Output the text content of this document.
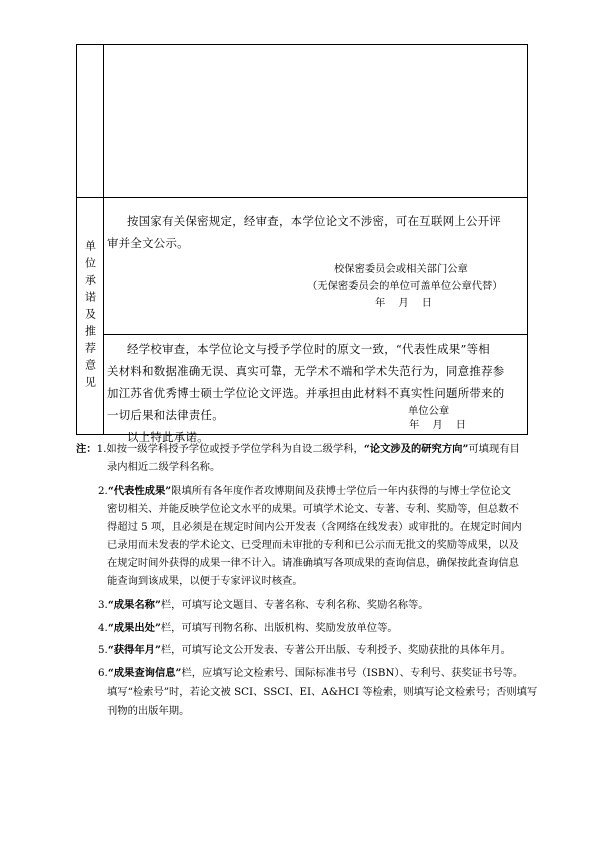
单位承诺及推荐意见
按国家有关保密规定，经审查，本学位论文不涉密，可在互联网上公开评
审并全文公示。
校保密委员会或相关部门公章
（无保密委员会的单位可盖单位公章代替）
年    月    日
经学校审查，本学位论文与授予学位时的原文一致，“代表性成果”等相
关材料和数据准确无误、真实可靠，无学术不端和学术失范行为，同意推荐参
加江苏省优秀博士硕士学位论文评选。并承担由此材料不真实性问题所带来的
一切后果和法律责任。
以上特此承诺。
单位公章
年    月    日
注：1.如按一级学科授予学位或授予学位学科为自设二级学科，“论文涉及的研究方向”可填现有目
录内相近二级学科名称。
2.“代表性成果”限填所有各年度作者攻博期间及获博士学位后一年内获得的与博士学位论文
密切相关、并能反映学位论文水平的成果。可填学术论文、专著、专利、奖励等，但总数不
得超过 5 项，且必须是在规定时间内公开发表（含网络在线发表）或审批的。在规定时间内
已录用而未发表的学术论文、已受理而未审批的专利和已公示而无批文的奖励等成果，以及
在规定时间外获得的成果一律不计入。请准确填写各项成果的查询信息，确保按此查询信息
能查询到该成果，以便于专家评议时核查。
3.“成果名称”栏，可填写论文题目、专著名称、专利名称、奖励名称等。
4.“成果出处”栏，可填写刊物名称、出版机构、奖励发放单位等。
5.“获得年月”栏，可填写论文公开发表、专著公开出版、专利授予、奖励获批的具体年月。
6.“成果查询信息”栏，应填写论文检索号、国际标准书号（ISBN）、专利号、获奖证书号等。
填写“检索号”时，若论文被 SCI、SSCI、EI、A&HCI 等检索，则填写论文检索号；否则填写
刊物的出版年期。
